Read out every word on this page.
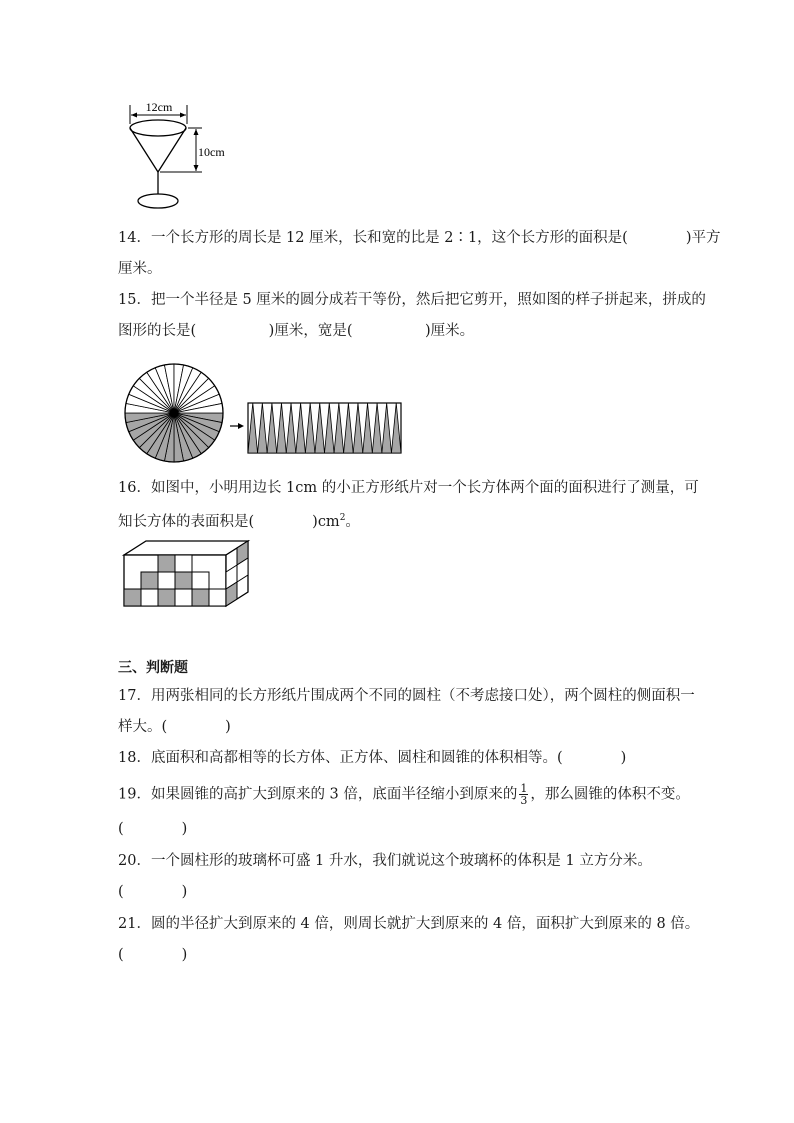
12cm
10cm
14．一个长方形的周长是 12 厘米，长和宽的比是 2∶1，这个长方形的面积是(　　　　)平方
厘米。
15．把一个半径是 5 厘米的圆分成若干等份，然后把它剪开，照如图的样子拼起来，拼成的
图形的长是(　　　　　)厘米，宽是(　　　　　)厘米。
16．如图中，小明用边长 1cm 的小正方形纸片对一个长方体两个面的面积进行了测量，可
知长方体的表面积是(　　　　)$cm^2$。
三、判断题
17．用两张相同的长方形纸片围成两个不同的圆柱（不考虑接口处），两个圆柱的侧面积一
样大。(　　　　)
18．底面积和高都相等的长方体、正方体、圆柱和圆锥的体积相等。(　　　　)
19．如果圆锥的高扩大到原来的 3 倍，底面半径缩小到原来的 $\frac{1}{3}$ ，那么圆锥的体积不变。
(　　　　)
20．一个圆柱形的玻璃杯可盛 1 升水，我们就说这个玻璃杯的体积是 1 立方分米。
(　　　　)
21．圆的半径扩大到原来的 4 倍，则周长就扩大到原来的 4 倍，面积扩大到原来的 8 倍。
(　　　　)
